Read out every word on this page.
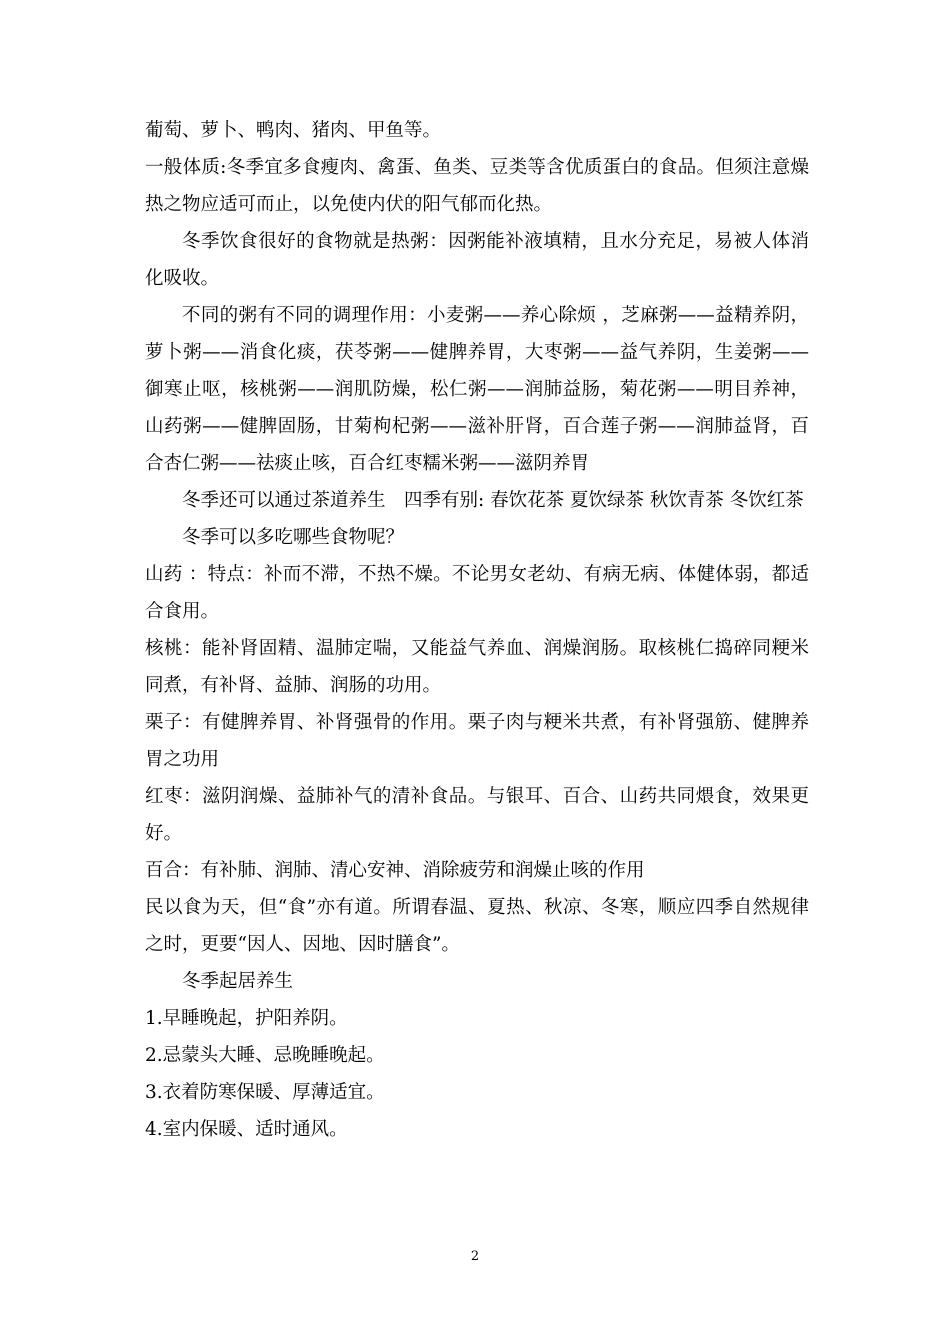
葡萄、萝卜、鸭肉、猪肉、甲鱼等。

一般体质:冬季宜多食瘦肉、禽蛋、鱼类、豆类等含优质蛋白的食品。但须注意燥热之物应适可而止，以免使内伏的阳气郁而化热。

冬季饮食很好的食物就是热粥：因粥能补液填精，且水分充足，易被人体消化吸收。

不同的粥有不同的调理作用：小麦粥——养心除烦 ，芝麻粥——益精养阴，萝卜粥——消食化痰，茯苓粥——健脾养胃，大枣粥——益气养阴，生姜粥——御寒止呕，核桃粥——润肌防燥，松仁粥——润肺益肠，菊花粥——明目养神，山药粥——健脾固肠，甘菊枸杞粥——滋补肝肾，百合莲子粥——润肺益肾，百合杏仁粥——祛痰止咳，百合红枣糯米粥——滋阴养胃

冬季还可以通过茶道养生　四季有别: 春饮花茶 夏饮绿茶 秋饮青茶 冬饮红茶

冬季可以多吃哪些食物呢？

山药 ：特点：补而不滞，不热不燥。不论男女老幼、有病无病、体健体弱，都适合食用。

核桃：能补肾固精、温肺定喘，又能益气养血、润燥润肠。取核桃仁捣碎同粳米同煮，有补肾、益肺、润肠的功用。

栗子：有健脾养胃、补肾强骨的作用。栗子肉与粳米共煮，有补肾强筋、健脾养胃之功用

红枣：滋阴润燥、益肺补气的清补食品。与银耳、百合、山药共同煨食，效果更好。

百合：有补肺、润肺、清心安神、消除疲劳和润燥止咳的作用

民以食为天，但“食”亦有道。所谓春温、夏热、秋凉、冬寒，顺应四季自然规律之时，更要“因人、因地、因时膳食”。

冬季起居养生

1.早睡晚起，护阳养阴。

2.忌蒙头大睡、忌晚睡晚起。

3.衣着防寒保暖、厚薄适宜。

4.室内保暖、适时通风。

2
